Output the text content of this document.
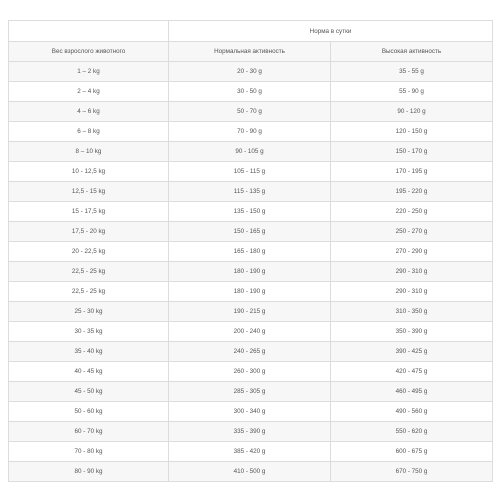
	Норма в сутки	
Вес взрослого животного	Нормальная активность	Высокая активность
1 – 2 kg	20 - 30 g	35 - 55 g
2 – 4 kg	30 - 50 g	55 - 90 g
4 – 6 kg	50 - 70 g	90 - 120 g
6 – 8 kg	70 - 90 g	120 - 150 g
8 – 10 kg	90 - 105 g	150 - 170 g
10 - 12,5 kg	105 - 115 g	170 - 195 g
12,5 - 15 kg	115 - 135 g	195 - 220 g
15 - 17,5 kg	135 - 150 g	220 - 250 g
17,5 - 20 kg	150 - 165 g	250 - 270 g
20 - 22,5 kg	165 - 180 g	270 - 290 g
22,5 - 25 kg	180 - 190 g	290 - 310 g
22,5 - 25 kg	180 - 190 g	290 - 310 g
25 - 30 kg	190 - 215 g	310 - 350 g
30 - 35 kg	200 - 240 g	350 - 390 g
35 - 40 kg	240 - 265 g	390 - 425 g
40 - 45 kg	260 - 300 g	420 - 475 g
45 - 50 kg	285 - 305 g	460 - 495 g
50 - 60 kg	300 - 340 g	490 - 560 g
60 - 70 kg	335 - 390 g	550 - 620 g
70 - 80 kg	385 - 420 g	600 - 675 g
80 - 90 kg	410 - 500 g	670 - 750 g
